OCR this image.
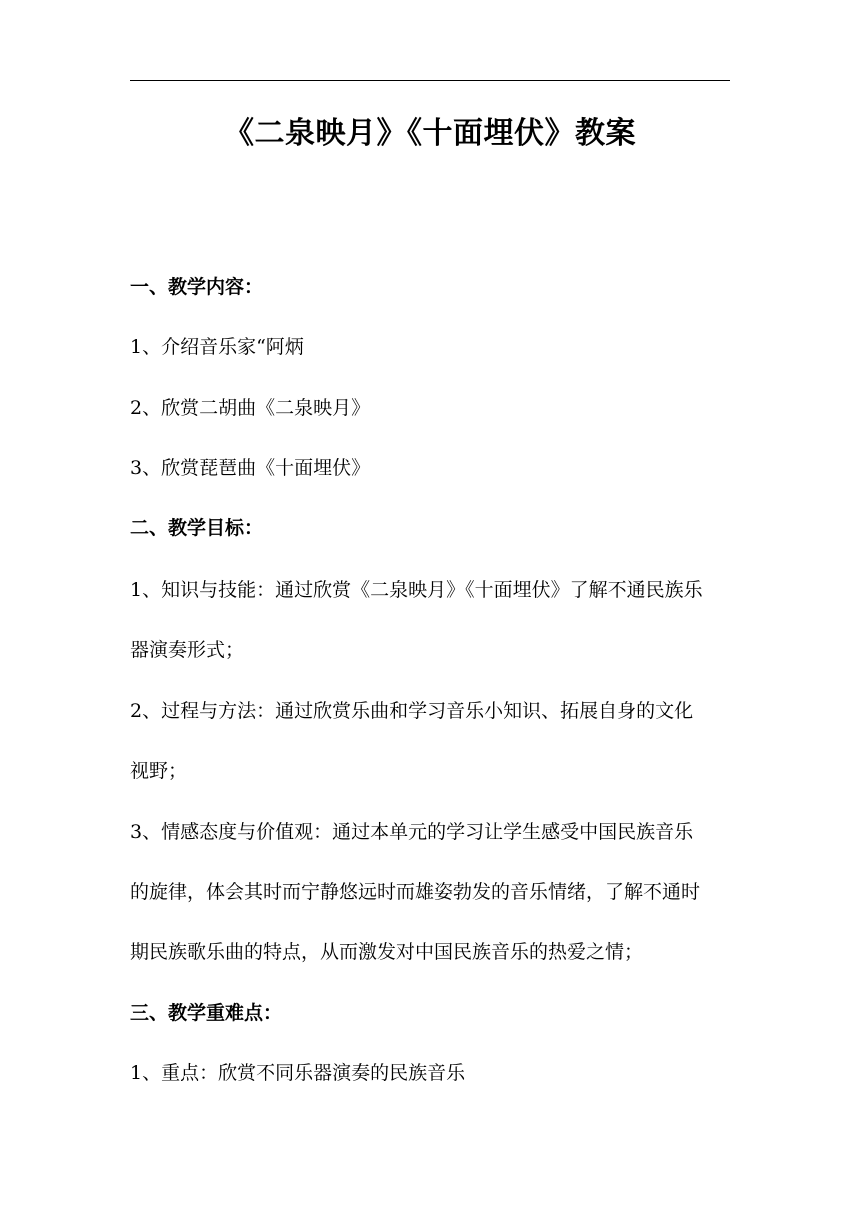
《二泉映月》《十面埋伏》教案
一、教学内容：
1、介绍音乐家“阿炳
2、欣赏二胡曲《二泉映月》
3、欣赏琵琶曲《十面埋伏》
二、教学目标：
1、知识与技能：通过欣赏《二泉映月》《十面埋伏》了解不通民族乐
器演奏形式；
2、过程与方法：通过欣赏乐曲和学习音乐小知识、拓展自身的文化
视野；
3、情感态度与价值观：通过本单元的学习让学生感受中国民族音乐
的旋律，体会其时而宁静悠远时而雄姿勃发的音乐情绪，了解不通时
期民族歌乐曲的特点，从而激发对中国民族音乐的热爱之情；
三、教学重难点：
1、重点：欣赏不同乐器演奏的民族音乐
